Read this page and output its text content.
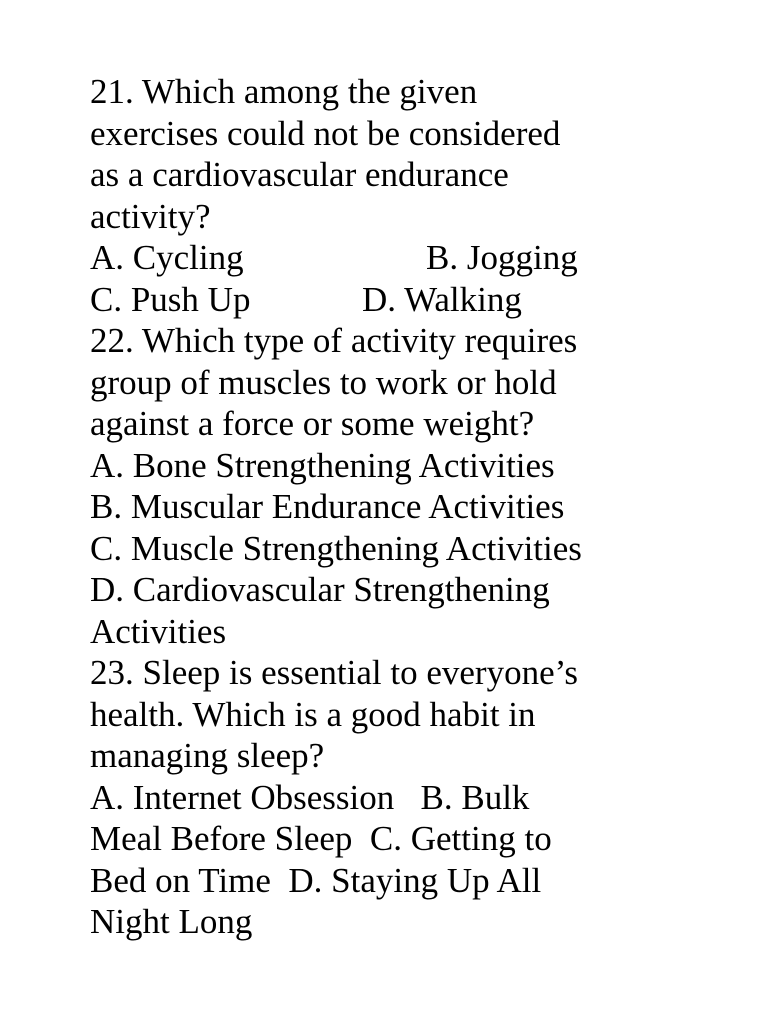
21. Which among the given
exercises could not be considered
as a cardiovascular endurance
activity?
A. Cycling	B. Jogging
C. Push Up	D. Walking
22. Which type of activity requires
group of muscles to work or hold
against a force or some weight?
A. Bone Strengthening Activities
B. Muscular Endurance Activities
C. Muscle Strengthening Activities
D. Cardiovascular Strengthening
Activities
23. Sleep is essential to everyone’s
health. Which is a good habit in
managing sleep?
A. Internet Obsession   B. Bulk
Meal Before Sleep  C. Getting to
Bed on Time  D. Staying Up All
Night Long
